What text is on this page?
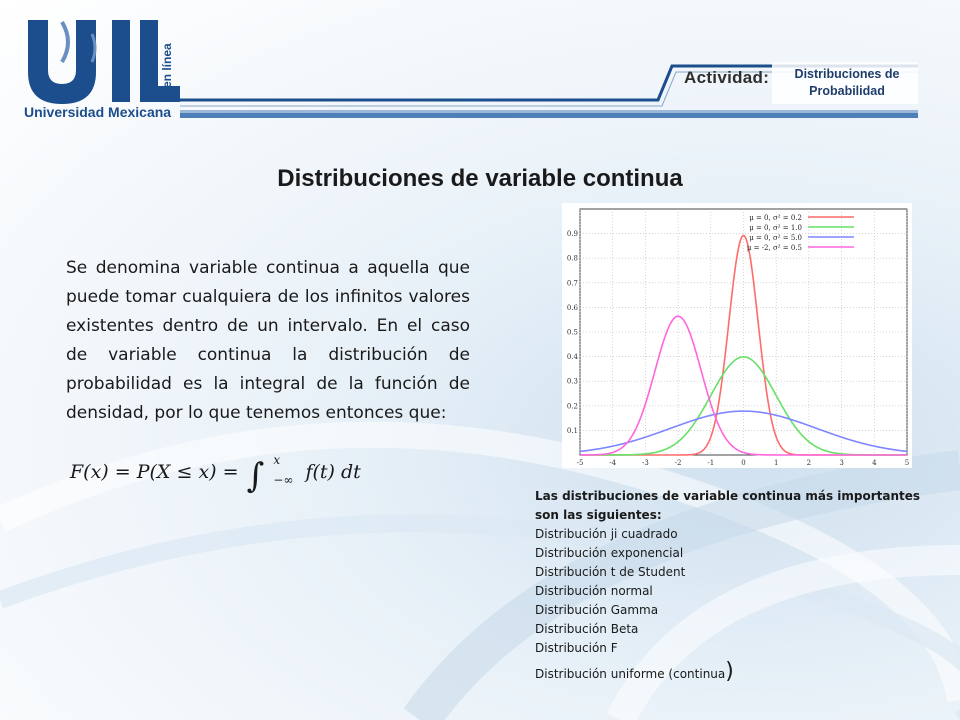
en línea
Universidad Mexicana
Actividad:	Distribuciones de Probabilidad
Distribuciones de variable continua
Se denomina variable continua a aquella que puede tomar cualquiera de los infinitos valores existentes dentro de un intervalo. En el caso de variable continua la distribución de probabilidad es la integral de la función de densidad, por lo que tenemos entonces que:
F(x) = P(X ≤ x) = ∫ x
−∞ f(t) dt	-5	-4	-3	-2	-1	0	1	2	3	4	5
0.1
0.2
0.3
0.4
0.5
0.6
0.7
0.8
0.9
μ = 0, σ² = 0.2
μ = 0, σ² = 1.0
μ = 0, σ² = 5.0
μ = -2, σ² = 0.5
Las distribuciones de variable continua más importantes son las siguientes:
Distribución ji cuadrado
Distribución exponencial
Distribución t de Student
Distribución normal
Distribución Gamma
Distribución Beta
Distribución F
Distribución uniforme (continua)
